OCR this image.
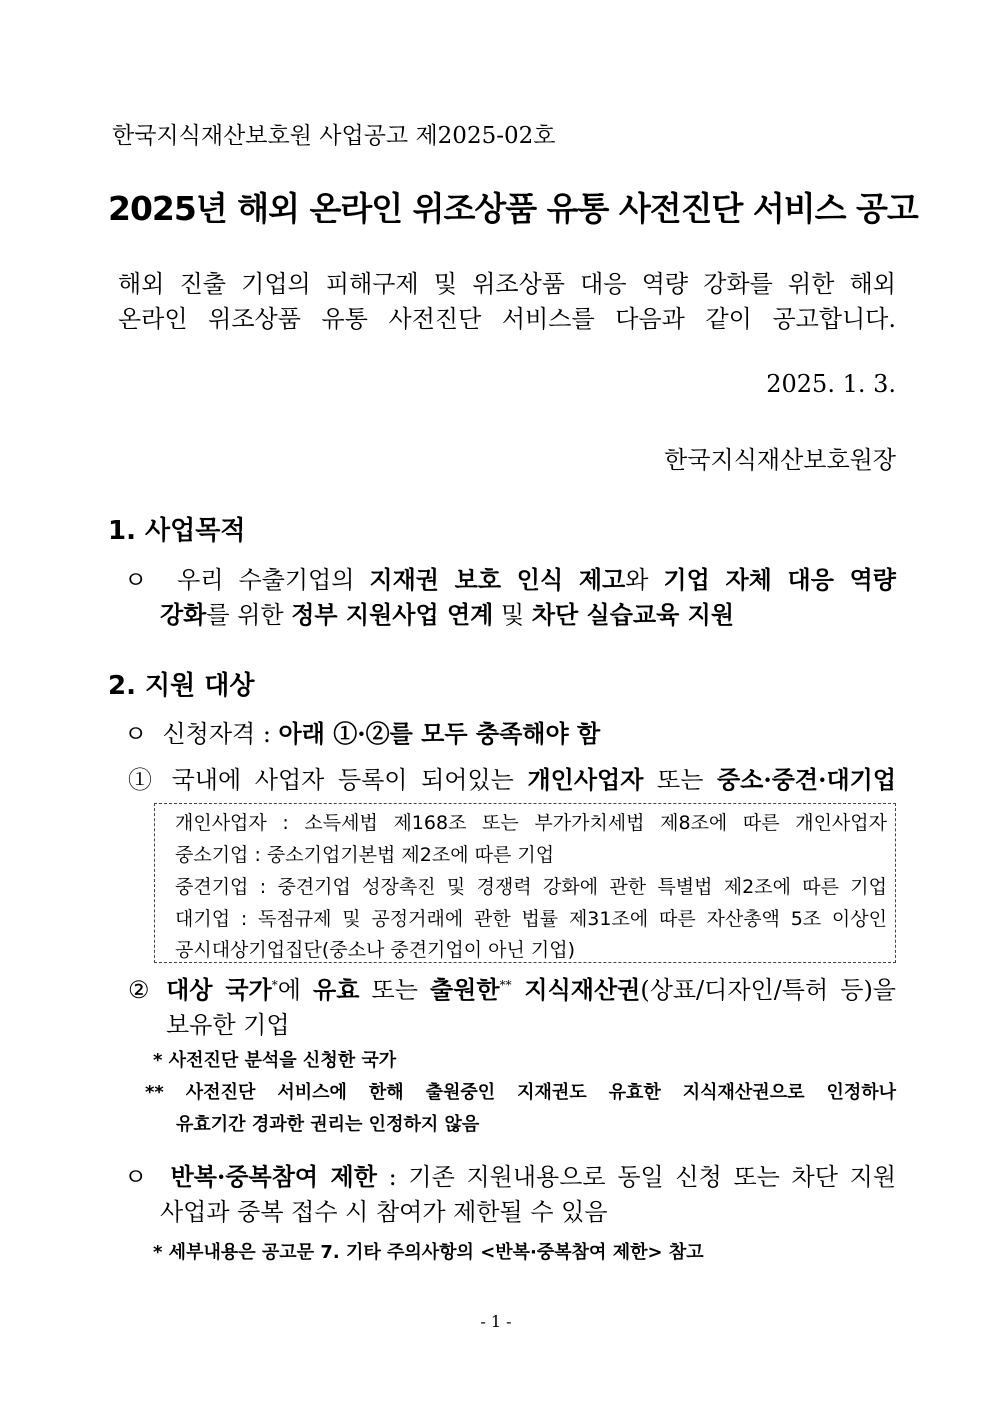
한국지식재산보호원 사업공고 제2025-02호
2025년 해외 온라인 위조상품 유통 사전진단 서비스 공고
해외 진출 기업의 피해구제 및 위조상품 대응 역량 강화를 위한 해외
온라인 위조상품 유통 사전진단 서비스를 다음과 같이 공고합니다.
2025. 1. 3.
한국지식재산보호원장
1. 사업목적
ㅇ 우리 수출기업의 지재권 보호 인식 제고와 기업 자체 대응 역량
강화를 위한 정부 지원사업 연계 및 차단 실습교육 지원
2. 지원 대상
ㅇ 신청자격 : 아래 ①·②를 모두 충족해야 함
① 국내에 사업자 등록이 되어있는 개인사업자 또는 중소·중견·대기업
개인사업자 : 소득세법 제168조 또는 부가가치세법 제8조에 따른 개인사업자
중소기업 : 중소기업기본법 제2조에 따른 기업
중견기업 : 중견기업 성장촉진 및 경쟁력 강화에 관한 특별법 제2조에 따른 기업
대기업 : 독점규제 및 공정거래에 관한 법률 제31조에 따른 자산총액 5조 이상인
공시대상기업집단(중소나 중견기업이 아닌 기업)
② 대상 국가*에 유효 또는 출원한** 지식재산권(상표/디자인/특허 등)을
보유한 기업
* 사전진단 분석을 신청한 국가
** 사전진단 서비스에 한해 출원중인 지재권도 유효한 지식재산권으로 인정하나
유효기간 경과한 권리는 인정하지 않음
ㅇ 반복·중복참여 제한 : 기존 지원내용으로 동일 신청 또는 차단 지원
사업과 중복 접수 시 참여가 제한될 수 있음
* 세부내용은 공고문 7. 기타 주의사항의 <반복·중복참여 제한> 참고
- 1 -
